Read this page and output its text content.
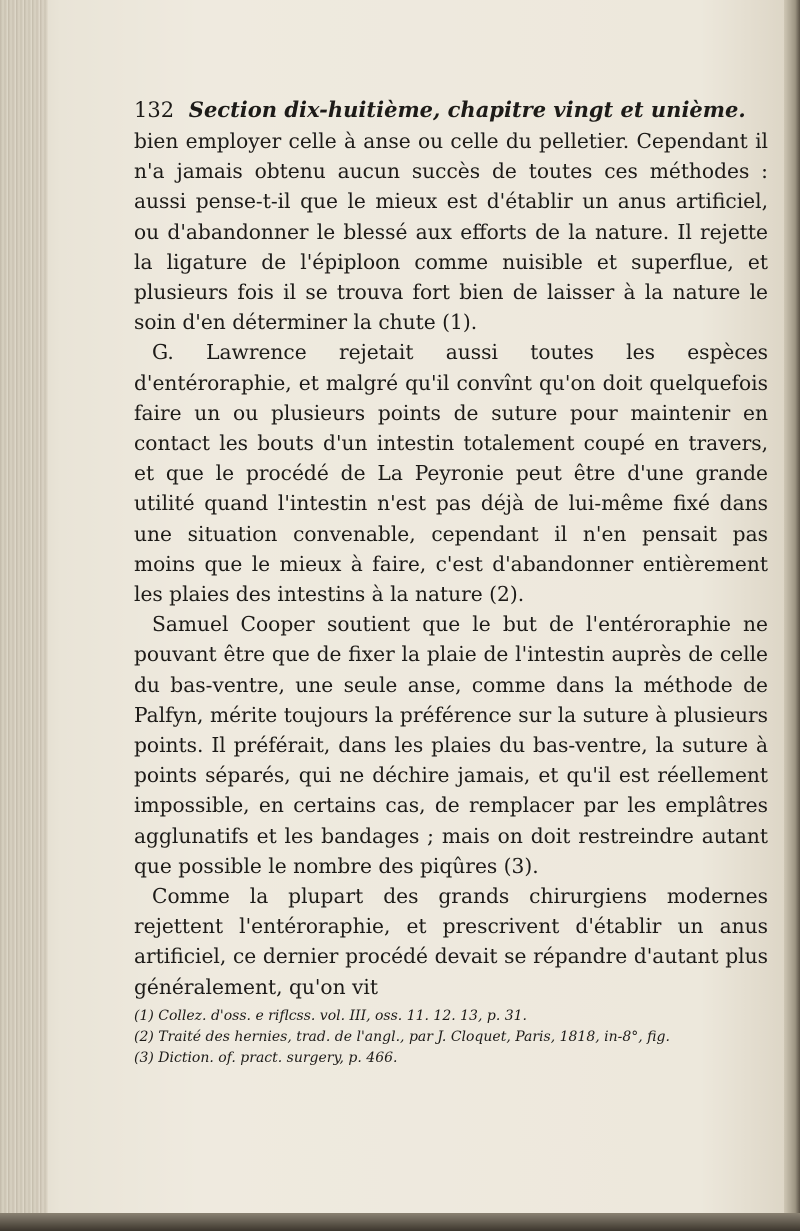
132 Section dix-huitième, chapitre vingt et unième.

bien employer celle à anse ou celle du pelletier. Cependant il n'a jamais obtenu aucun succès de toutes ces méthodes : aussi pense-t-il que le mieux est d'établir un anus artificiel, ou d'abandonner le blessé aux efforts de la nature. Il rejette la ligature de l'épiploon comme nuisible et superflue, et plusieurs fois il se trouva fort bien de laisser à la nature le soin d'en déterminer la chute (1).

G. Lawrence rejetait aussi toutes les espèces d'entéroraphie, et malgré qu'il convînt qu'on doit quelquefois faire un ou plusieurs points de suture pour maintenir en contact les bouts d'un intestin totalement coupé en travers, et que le procédé de La Peyronie peut être d'une grande utilité quand l'intestin n'est pas déjà de lui-même fixé dans une situation convenable, cependant il n'en pensait pas moins que le mieux à faire, c'est d'abandonner entièrement les plaies des intestins à la nature (2).

Samuel Cooper soutient que le but de l'entéroraphie ne pouvant être que de fixer la plaie de l'intestin auprès de celle du bas-ventre, une seule anse, comme dans la méthode de Palfyn, mérite toujours la préférence sur la suture à plusieurs points. Il préférait, dans les plaies du bas-ventre, la suture à points séparés, qui ne déchire jamais, et qu'il est réellement impossible, en certains cas, de remplacer par les emplâtres agglunatifs et les bandages ; mais on doit restreindre autant que possible le nombre des piqûres (3).

Comme la plupart des grands chirurgiens modernes rejettent l'entéroraphie, et prescrivent d'établir un anus artificiel, ce dernier procédé devait se répandre d'autant plus généralement, qu'on vit

(1) Collez. d'oss. e riflcss. vol. III, oss. 11. 12. 13, p. 31.
(2) Traité des hernies, trad. de l'angl., par J. Cloquet, Paris, 1818, in-8°, fig.
(3) Diction. of. pract. surgery, p. 466.
